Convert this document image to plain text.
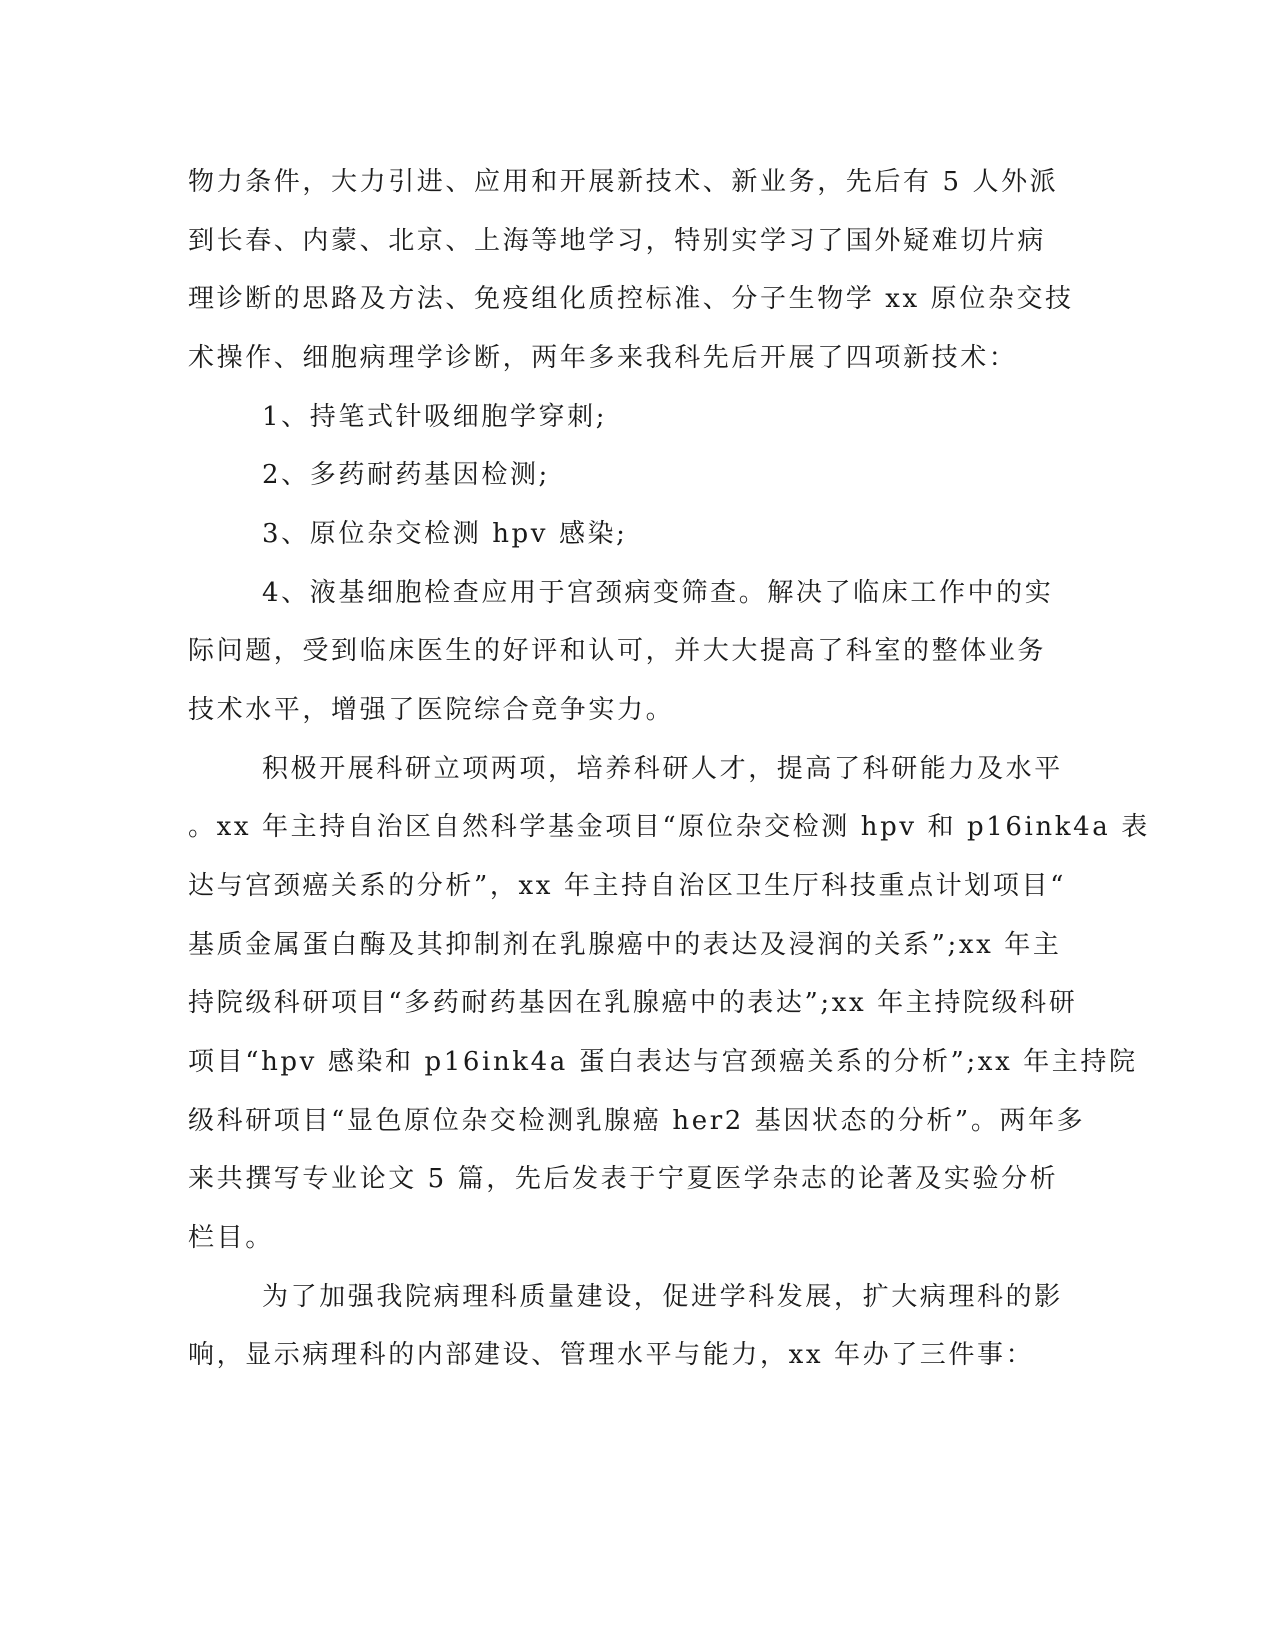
物力条件，大力引进、应用和开展新技术、新业务，先后有 5 人外派
到长春、内蒙、北京、上海等地学习，特别实学习了国外疑难切片病
理诊断的思路及方法、免疫组化质控标准、分子生物学 xx 原位杂交技
术操作、细胞病理学诊断，两年多来我科先后开展了四项新技术：
1、持笔式针吸细胞学穿刺;
2、多药耐药基因检测;
3、原位杂交检测 hpv 感染;
4、液基细胞检查应用于宫颈病变筛查。解决了临床工作中的实
际问题，受到临床医生的好评和认可，并大大提高了科室的整体业务
技术水平，增强了医院综合竞争实力。
积极开展科研立项两项，培养科研人才，提高了科研能力及水平
。xx 年主持自治区自然科学基金项目“原位杂交检测 hpv 和 p16ink4a 表
达与宫颈癌关系的分析”，xx 年主持自治区卫生厅科技重点计划项目“
基质金属蛋白酶及其抑制剂在乳腺癌中的表达及浸润的关系”;xx 年主
持院级科研项目“多药耐药基因在乳腺癌中的表达”;xx 年主持院级科研
项目“hpv 感染和 p16ink4a 蛋白表达与宫颈癌关系的分析”;xx 年主持院
级科研项目“显色原位杂交检测乳腺癌 her2 基因状态的分析”。两年多
来共撰写专业论文 5 篇，先后发表于宁夏医学杂志的论著及实验分析
栏目。
为了加强我院病理科质量建设，促进学科发展，扩大病理科的影
响，显示病理科的内部建设、管理水平与能力，xx 年办了三件事：
